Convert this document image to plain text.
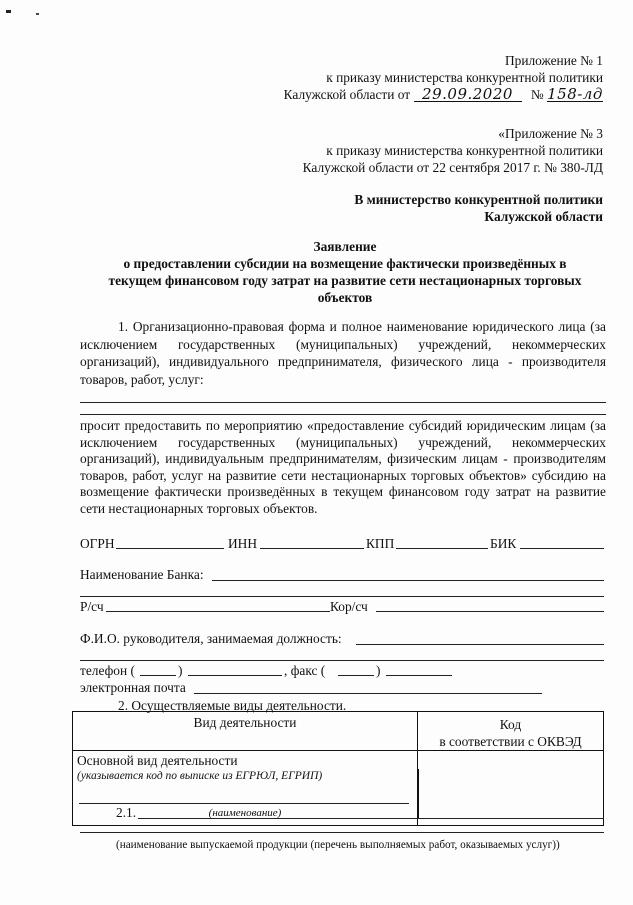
Приложение № 1
к приказу министерства конкурентной политики
Калужской области от 29.09.2020 № 158-лд
«Приложение № 3
к приказу министерства конкурентной политики
Калужской области от 22 сентября 2017 г. № 380-ЛД
В министерство конкурентной политики
Калужской области
Заявление
о предоставлении субсидии на возмещение фактически произведённых в
текущем финансовом году затрат на развитие сети нестационарных торговых
объектов
1. Организационно-правовая форма и полное наименование юридического лица (за исключением государственных (муниципальных) учреждений, некоммерческих организаций), индивидуального предпринимателя, физического лица - производителя товаров, работ, услуг:
просит предоставить по мероприятию «предоставление субсидий юридическим лицам (за исключением государственных (муниципальных) учреждений, некоммерческих организаций), индивидуальным предпринимателям, физическим лицам - производителям товаров, работ, услуг на развитие сети нестационарных торговых объектов» субсидию на возмещение фактически произведённых в текущем финансовом году затрат на развитие сети нестационарных торговых объектов.
ОГРН	ИНН	КПП	БИК
Наименование Банка:
Р/сч	Кор/сч
Ф.И.О. руководителя, занимаемая должность:
телефон (	)	, факс (	)
электронная почта
2. Осуществляемые виды деятельности.
Вид деятельности	Код
в соответствии с ОКВЭД

Основной вид деятельности
(указывается код по выписке из ЕГРЮЛ, ЕГРИП)
(наименование)	

2.1.
(наименование выпускаемой продукции (перечень выполняемых работ, оказываемых услуг))
